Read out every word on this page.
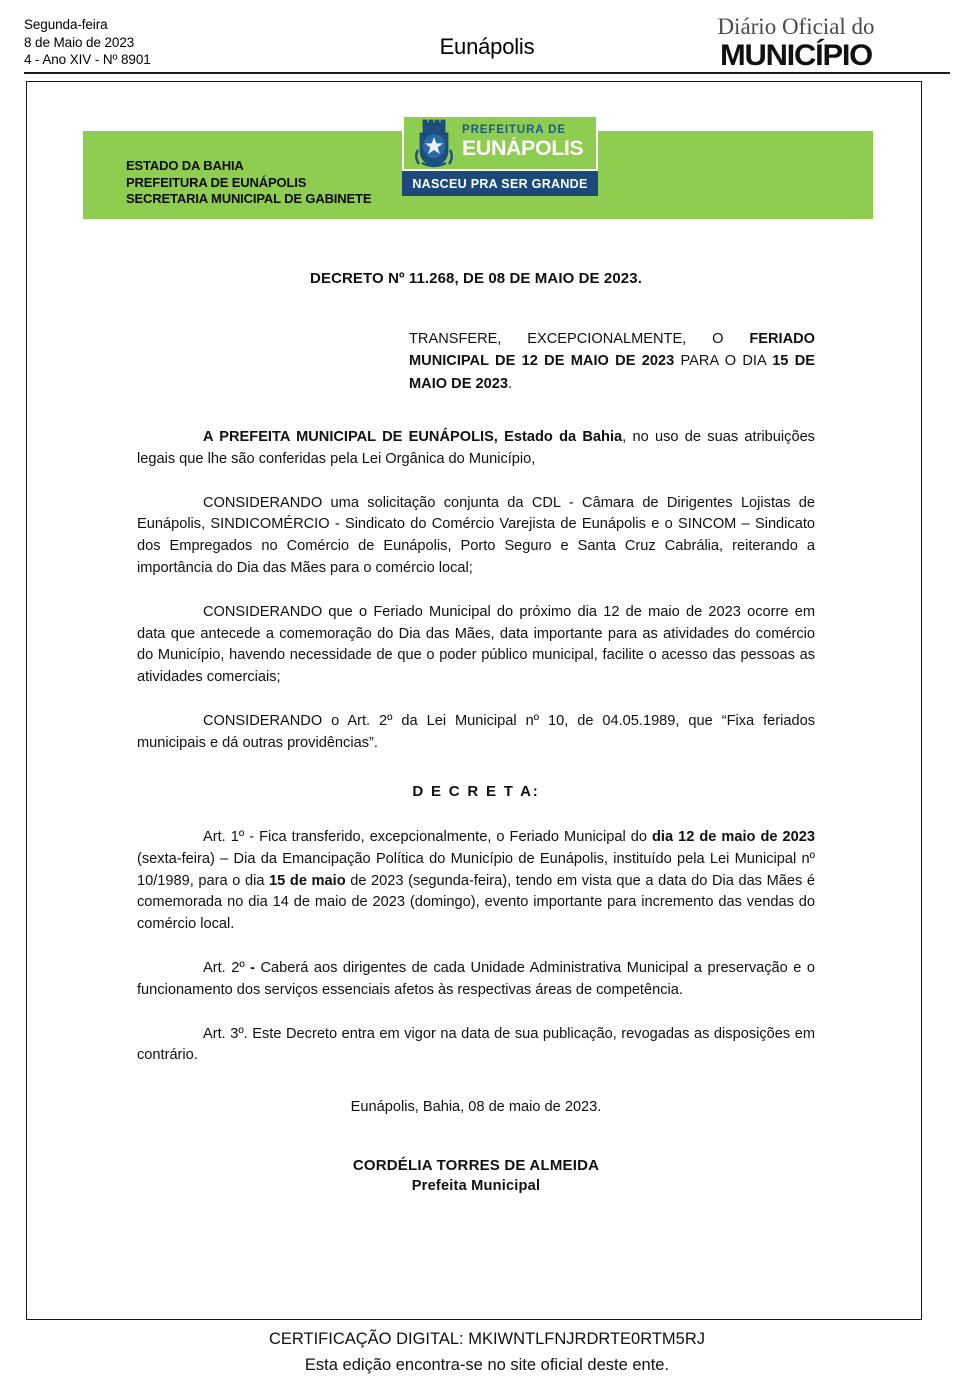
Segunda-feira
8 de Maio de 2023
4 - Ano XIV - Nº 8901
Eunápolis
Diário Oficial do
MUNICÍPIO
ESTADO DA BAHIA
PREFEITURA DE EUNÁPOLIS
SECRETARIA MUNICIPAL DE GABINETE
PREFEITURA DE
EUNÁPOLIS
NASCEU PRA SER GRANDE
DECRETO Nº 11.268, DE 08 DE MAIO DE 2023.
TRANSFERE, EXCEPCIONALMENTE, O FERIADO MUNICIPAL DE 12 DE MAIO DE 2023 PARA O DIA 15 DE MAIO DE 2023.

A PREFEITA MUNICIPAL DE EUNÁPOLIS, Estado da Bahia, no uso de suas atribuições legais que lhe são conferidas pela Lei Orgânica do Município,

CONSIDERANDO uma solicitação conjunta da CDL - Câmara de Dirigentes Lojistas de Eunápolis, SINDICOMÉRCIO - Sindicato do Comércio Varejista de Eunápolis e o SINCOM – Sindicato dos Empregados no Comércio de Eunápolis, Porto Seguro e Santa Cruz Cabrália, reiterando a importância do Dia das Mães para o comércio local;

CONSIDERANDO que o Feriado Municipal do próximo dia 12 de maio de 2023 ocorre em data que antecede a comemoração do Dia das Mães, data importante para as atividades do comércio do Município, havendo necessidade de que o poder público municipal, facilite o acesso das pessoas as atividades comerciais;

CONSIDERANDO o Art. 2º da Lei Municipal nº 10, de 04.05.1989, que “Fixa feriados municipais e dá outras providências”.

D E C R E T A:

Art. 1º - Fica transferido, excepcionalmente, o Feriado Municipal do dia 12 de maio de 2023 (sexta-feira) – Dia da Emancipação Política do Município de Eunápolis, instituído pela Lei Municipal nº 10/1989, para o dia 15 de maio de 2023 (segunda-feira), tendo em vista que a data do Dia das Mães é comemorada no dia 14 de maio de 2023 (domingo), evento importante para incremento das vendas do comércio local.

Art. 2º - Caberá aos dirigentes de cada Unidade Administrativa Municipal a preservação e o funcionamento dos serviços essenciais afetos às respectivas áreas de competência.

Art. 3º. Este Decreto entra em vigor na data de sua publicação, revogadas as disposições em contrário.

Eunápolis, Bahia, 08 de maio de 2023.
CORDÉLIA TORRES DE ALMEIDA
Prefeita Municipal
CERTIFICAÇÃO DIGITAL: MKIWNTLFNJRDRTE0RTM5RJ
Esta edição encontra-se no site oficial deste ente.
